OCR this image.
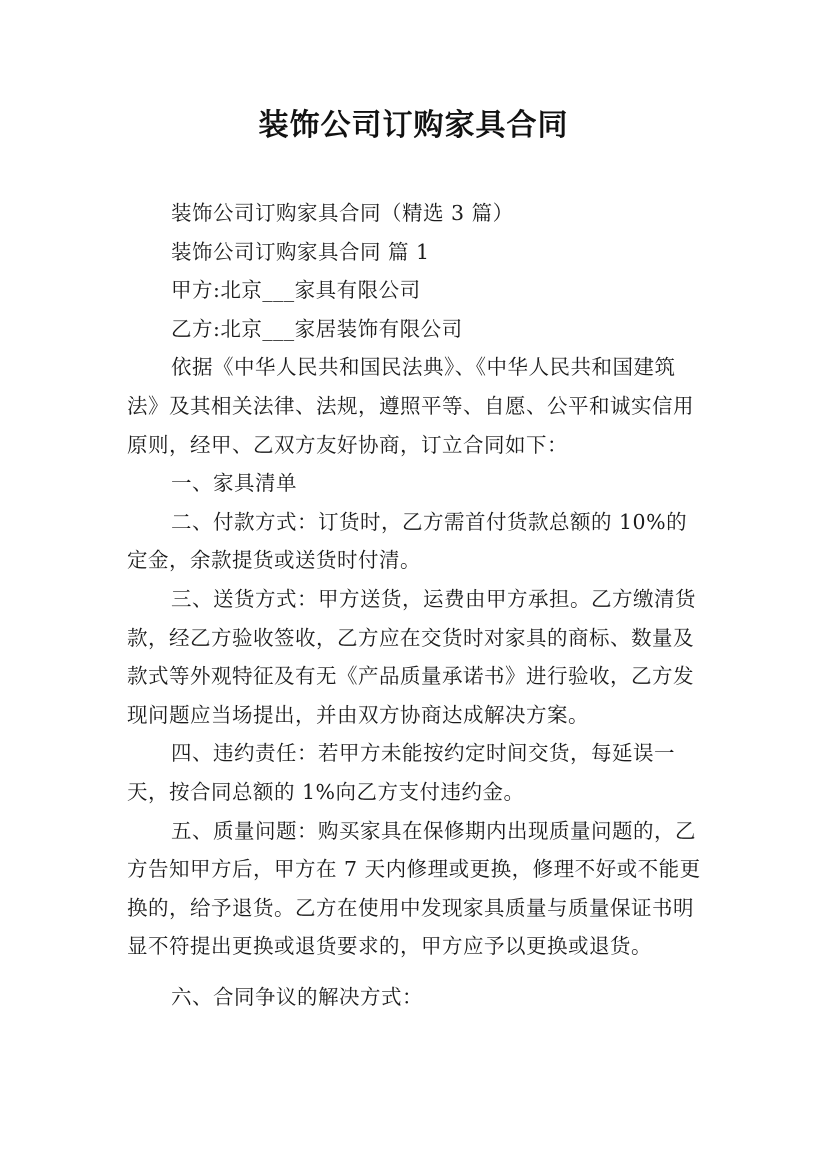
装饰公司订购家具合同

装饰公司订购家具合同（精选 3 篇）

装饰公司订购家具合同 篇 1

甲方:北京___家具有限公司

乙方:北京___家居装饰有限公司

依据《中华人民共和国民法典》、《中华人民共和国建筑法》及其相关法律、法规，遵照平等、自愿、公平和诚实信用原则，经甲、乙双方友好协商，订立合同如下：

一、家具清单

二、付款方式：订货时，乙方需首付货款总额的 10%的定金，余款提货或送货时付清。

三、送货方式：甲方送货，运费由甲方承担。乙方缴清货款，经乙方验收签收，乙方应在交货时对家具的商标、数量及款式等外观特征及有无《产品质量承诺书》进行验收，乙方发现问题应当场提出，并由双方协商达成解决方案。

四、违约责任：若甲方未能按约定时间交货，每延误一天，按合同总额的 1%向乙方支付违约金。

五、质量问题：购买家具在保修期内出现质量问题的，乙方告知甲方后，甲方在 7 天内修理或更换，修理不好或不能更换的，给予退货。乙方在使用中发现家具质量与质量保证书明显不符提出更换或退货要求的，甲方应予以更换或退货。

六、合同争议的解决方式：
